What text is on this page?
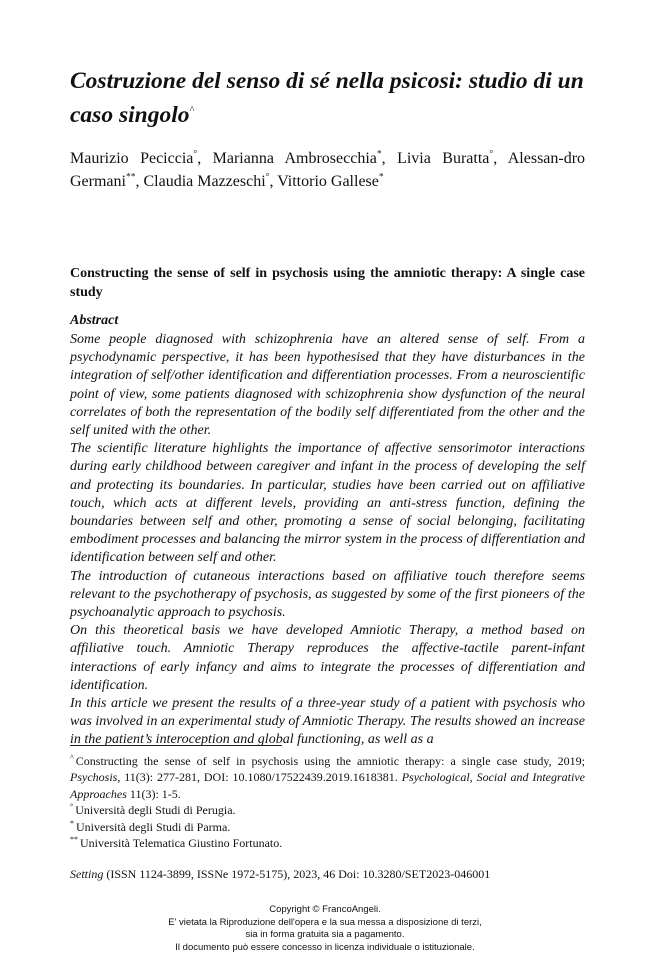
Costruzione del senso di sé nella psicosi: studio di un caso singolo^
Maurizio Peciccia°, Marianna Ambrosecchia*, Livia Buratta°, Alessan-dro Germani**, Claudia Mazzeschi°, Vittorio Gallese*
Constructing the sense of self in psychosis using the amniotic therapy: A single case study
Abstract

Some people diagnosed with schizophrenia have an altered sense of self. From a psychodynamic perspective, it has been hypothesised that they have disturbances in the integration of self/other identification and differentiation processes. From a neuroscientific point of view, some patients diagnosed with schizophrenia show dysfunction of the neural correlates of both the representation of the bodily self differentiated from the other and the self united with the other.

The scientific literature highlights the importance of affective sensorimotor interactions during early childhood between caregiver and infant in the process of developing the self and protecting its boundaries. In particular, studies have been carried out on affiliative touch, which acts at different levels, providing an anti-stress function, defining the boundaries between self and other, promoting a sense of social belonging, facilitating embodiment processes and balancing the mirror system in the process of differentiation and identification between self and other.

The introduction of cutaneous interactions based on affiliative touch therefore seems relevant to the psychotherapy of psychosis, as suggested by some of the first pioneers of the psychoanalytic approach to psychosis.

On this theoretical basis we have developed Amniotic Therapy, a method based on affiliative touch. Amniotic Therapy reproduces the affective-tactile parent-infant interactions of early infancy and aims to integrate the processes of differentiation and identification.

In this article we present the results of a three-year study of a patient with psychosis who was involved in an experimental study of Amniotic Therapy. The results showed an increase in the patient’s interoception and global functioning, as well as a

^ Constructing the sense of self in psychosis using the amniotic therapy: a single case study, 2019; Psychosis, 11(3): 277-281, DOI: 10.1080/17522439.2019.1618381. Psychological, Social and Integrative Approaches 11(3): 1-5.

° Università degli Studi di Perugia.

* Università degli Studi di Parma.

** Università Telematica Giustino Fortunato.

Setting (ISSN 1124-3899, ISSNe 1972-5175), 2023, 46 Doi: 10.3280/SET2023-046001
Copyright © FrancoAngeli.
E’ vietata la Riproduzione dell'opera e la sua messa a disposizione di terzi,
sia in forma gratuita sia a pagamento.
Il documento può essere concesso in licenza individuale o istituzionale.
